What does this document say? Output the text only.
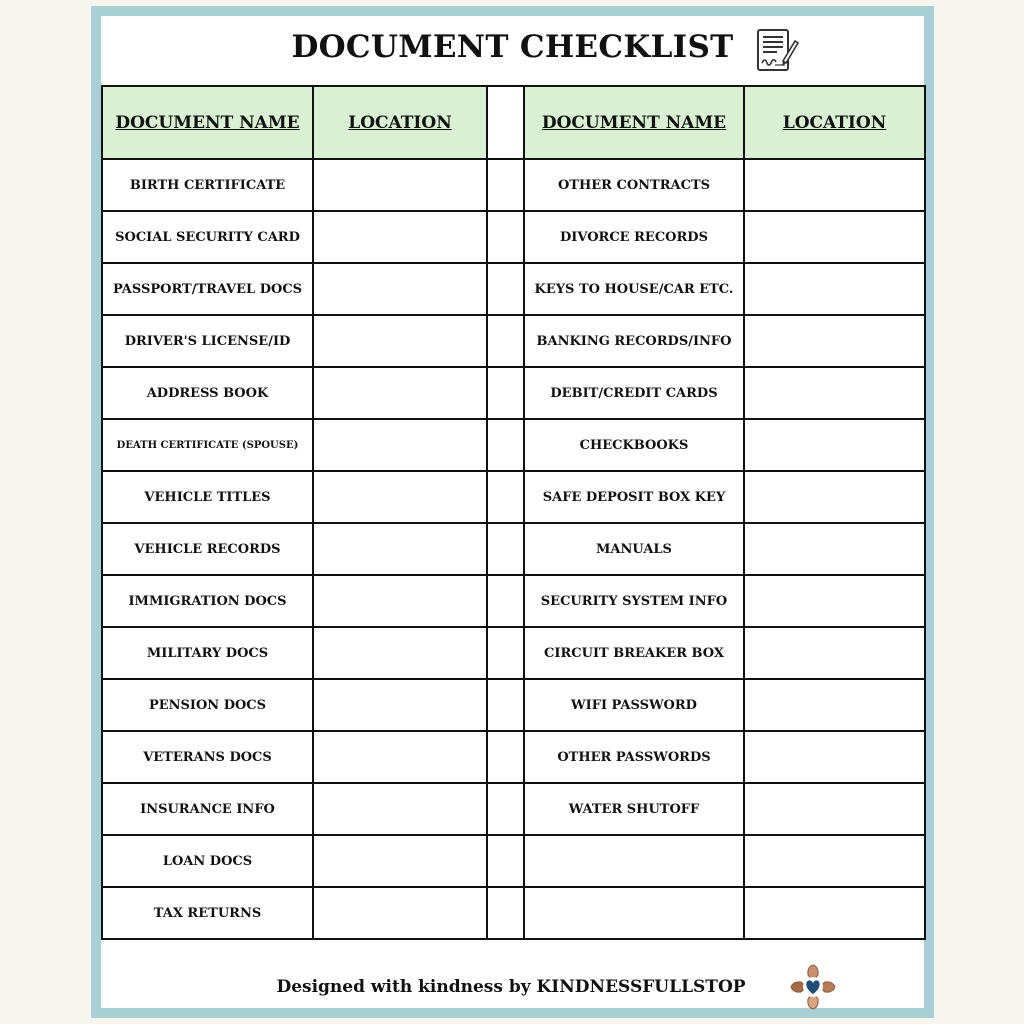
DOCUMENT CHECKLIST
DOCUMENT NAME	LOCATION		DOCUMENT NAME	LOCATION
BIRTH CERTIFICATE			OTHER CONTRACTS	
SOCIAL SECURITY CARD			DIVORCE RECORDS	
PASSPORT/TRAVEL DOCS			KEYS TO HOUSE/CAR ETC.	
DRIVER'S LICENSE/ID			BANKING RECORDS/INFO	
ADDRESS BOOK			DEBIT/CREDIT CARDS	
DEATH CERTIFICATE (SPOUSE)			CHECKBOOKS	
VEHICLE TITLES			SAFE DEPOSIT BOX KEY	
VEHICLE RECORDS			MANUALS	
IMMIGRATION DOCS			SECURITY SYSTEM INFO	
MILITARY DOCS			CIRCUIT BREAKER BOX	
PENSION DOCS			WIFI PASSWORD	
VETERANS DOCS			OTHER PASSWORDS	
INSURANCE INFO			WATER SHUTOFF	
LOAN DOCS				
TAX RETURNS				
Designed with kindness by KINDNESSFULLSTOP
